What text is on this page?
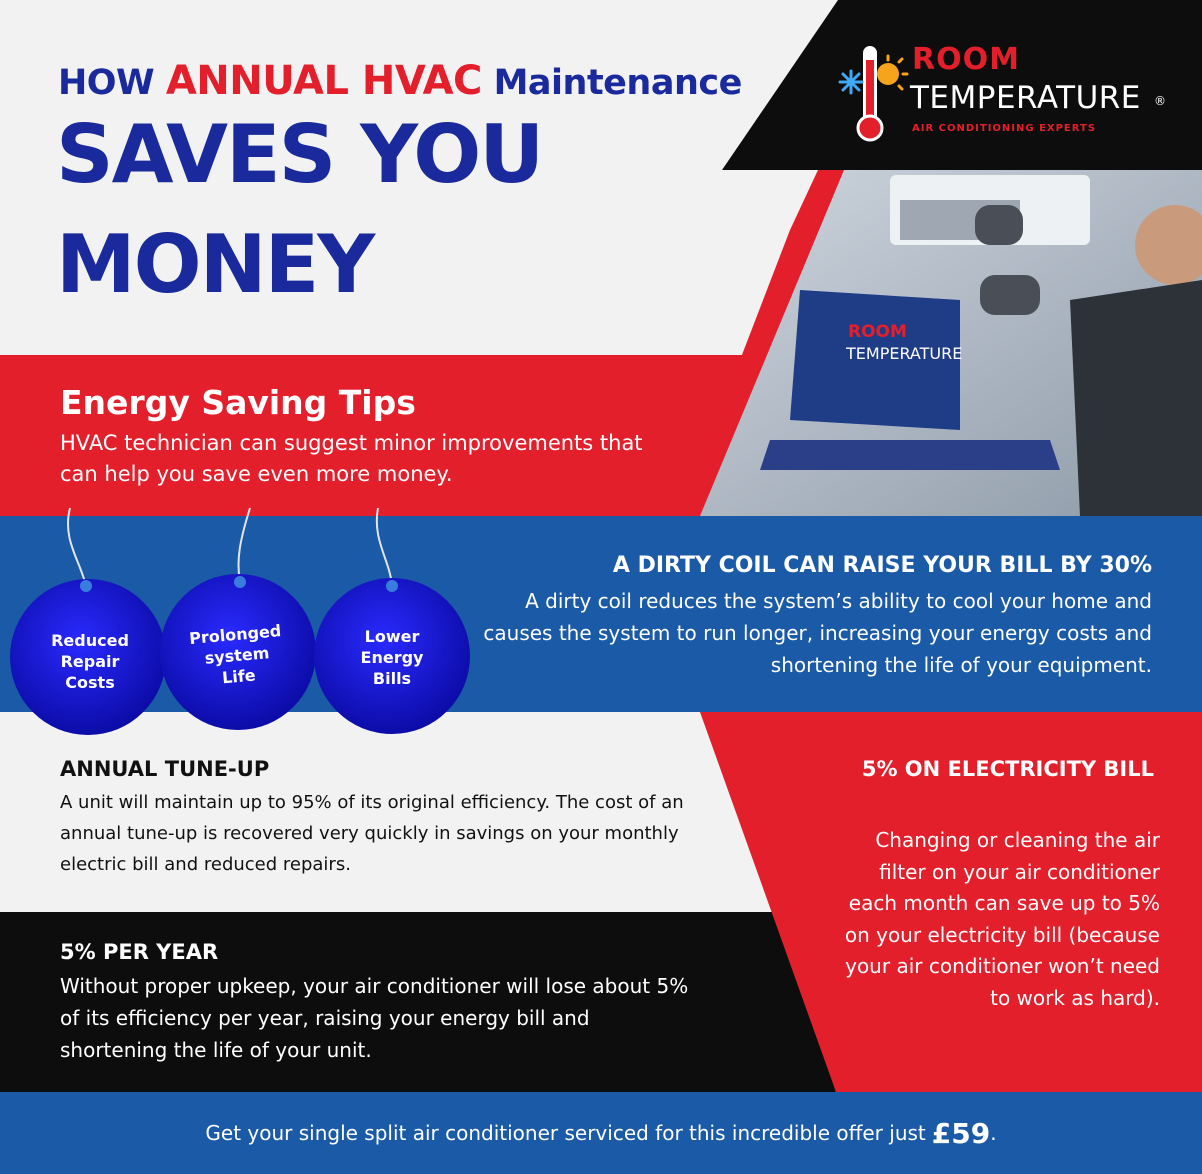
HOW ANNUAL HVAC Maintenance
SAVES YOU
MONEY
ROOM
TEMPERATURE ®
AIR CONDITIONING EXPERTS
ROOM
TEMPERATURE
Energy Saving Tips
HVAC technician can suggest minor improvements that can help you save even more money.
Reduced
Repair
Costs
Prolonged
system
Life
Lower
Energy
Bills
A DIRTY COIL CAN RAISE YOUR BILL BY 30%
A dirty coil reduces the system’s ability to cool your home and causes the system to run longer, increasing your energy costs and shortening the life of your equipment.
ANNUAL TUNE-UP
A unit will maintain up to 95% of its original efficiency. The cost of an annual tune-up is recovered very quickly in savings on your monthly electric bill and reduced repairs.
5% ON ELECTRICITY BILL
Changing or cleaning the air filter on your air conditioner each month can save up to 5% on your electricity bill (because your air conditioner won’t need to work as hard).
5% PER YEAR
Without proper upkeep, your air conditioner will lose about 5% of its efficiency per year, raising your energy bill and shortening the life of your unit.
Get your single split air conditioner serviced for this incredible offer just £59 .
